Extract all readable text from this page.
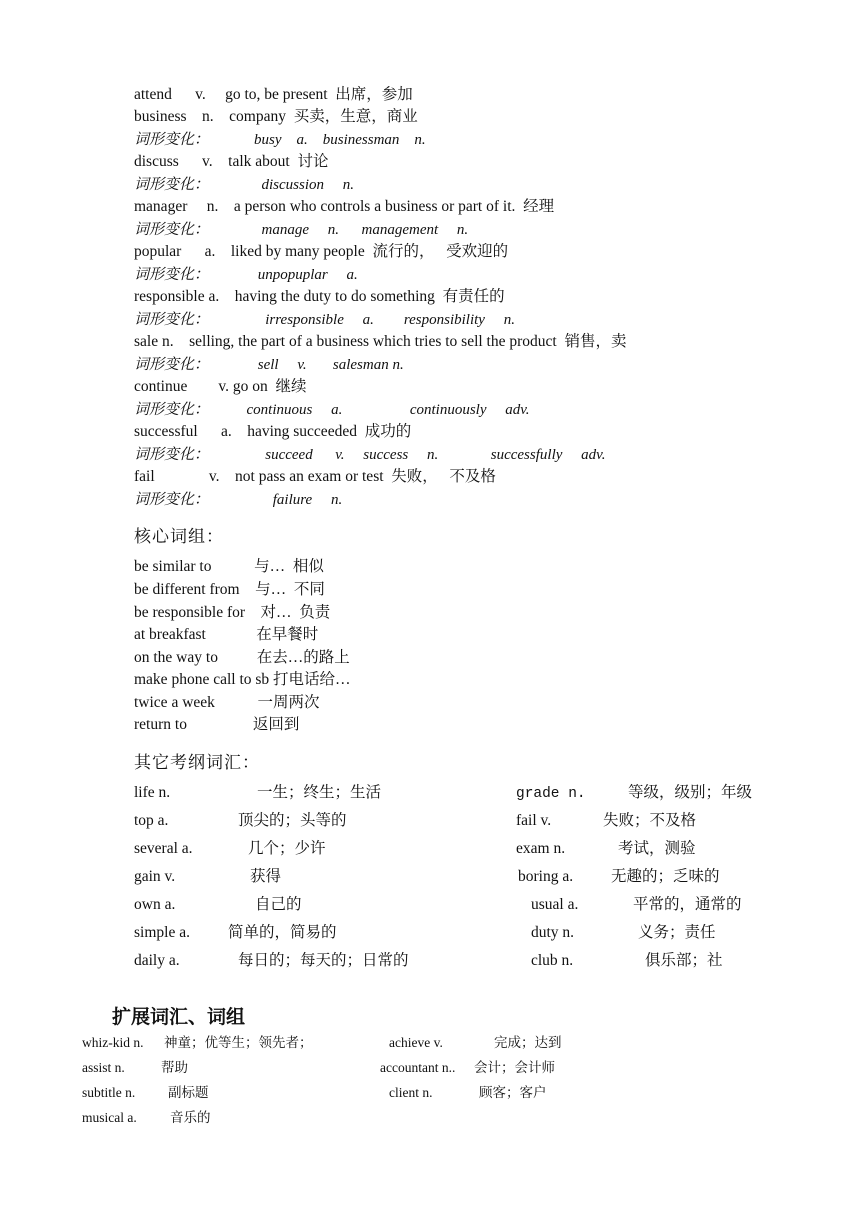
attend      v.     go to, be present  出席，参加
business    n.    company  买卖，生意，商业
词形变化：            busy    a.    businessman    n.
discuss      v.    talk about  讨论
词形变化：              discussion     n.
manager     n.    a person who controls a business or part of it.  经理
词形变化：              manage     n.      management     n.
popular      a.    liked by many people  流行的，   受欢迎的
词形变化：             unpopuplar     a.
responsible a.    having the duty to do something  有责任的
词形变化：               irresponsible     a.        responsibility     n.
sale n.    selling, the part of a business which tries to sell the product  销售，卖
词形变化：             sell     v.       salesman n.
continue        v. go on  继续
词形变化：          continuous     a.                  continuously     adv.
successful      a.    having succeeded  成功的
词形变化：               succeed      v.     success     n.              successfully     adv.
fail              v.    not pass an exam or test  失败，   不及格
词形变化：                 failure     n.
核心词组：
be similar to           与…  相似
be different from    与…  不同
be responsible for    对…  负责
at breakfast             在早餐时
on the way to          在去…的路上
make phone call to sb 打电话给…
twice a week           一周两次
return to                 返回到
其它考纲词汇：
life n.	一生；终生；生活	grade n.	等级，级别；年级
top a.	顶尖的；头等的	fail v.	失败；不及格
several a.	几个；少许	exam n.	考试，测验
gain v.	获得	boring a. 无趣的；乏味的
own a.	自己的	usual a.	平常的，通常的
simple a. 简单的，简易的	duty n.	义务；责任
daily a.	每日的；每天的；日常的	club n.	俱乐部；社
扩展词汇、词组
whiz-kid n. 神童；优等生；领先者；	achieve v.	完成；达到
assist n.	帮助	accountant n.. 会计；会计师
subtitle n. 副标题	client n.	顾客；客户
musical a. 音乐的
